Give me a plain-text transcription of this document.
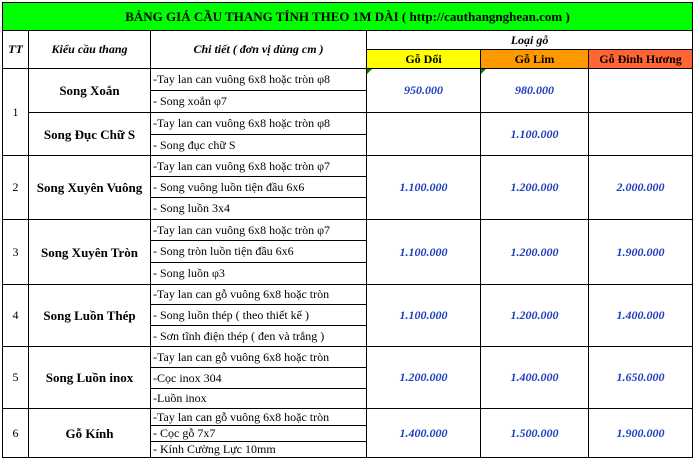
BẢNG GIÁ CẦU THANG TÍNH THEO 1M DÀI ( http://cauthangnghean.com )					
TT	Kiểu cầu thang	Chi tiết ( đơn vị dùng cm )	Loại gỗ		
			Gỗ Dổi	Gỗ Lim	Gỗ Đinh Hương
1	Song Xoắn	-Tay lan can vuông 6x8 hoặc tròn φ8	950.000	980.000	
		- Song xoắn φ7			
	Song Đục Chữ S	-Tay lan can vuông 6x8 hoặc tròn φ8		1.100.000	
		- Song đục chữ S			
2	Song Xuyên Vuông	-Tay lan can vuông 6x8 hoặc tròn φ7	1.100.000	1.200.000	2.000.000
		- Song vuông luồn tiện đầu 6x6			
		- Song luồn 3x4			
3	Song Xuyên Tròn	-Tay lan can vuông 6x8 hoặc tròn φ7	1.100.000	1.200.000	1.900.000
		- Song tròn luồn tiện đầu 6x6			
		- Song luồn φ3			
4	Song Luồn Thép	-Tay lan can gỗ vuông 6x8 hoặc tròn	1.100.000	1.200.000	1.400.000
		- Song luồn thép ( theo thiết kế )			
		- Sơn tĩnh điện thép ( đen và trắng )			
5	Song Luồn inox	-Tay lan can gỗ vuông 6x8 hoặc tròn	1.200.000	1.400.000	1.650.000
		-Cọc inox 304			
		-Luồn inox			
6	Gỗ Kính	-Tay lan can gỗ vuông 6x8 hoặc tròn	1.400.000	1.500.000	1.900.000
		- Cọc gỗ 7x7			
		- Kính Cường Lực 10mm			
